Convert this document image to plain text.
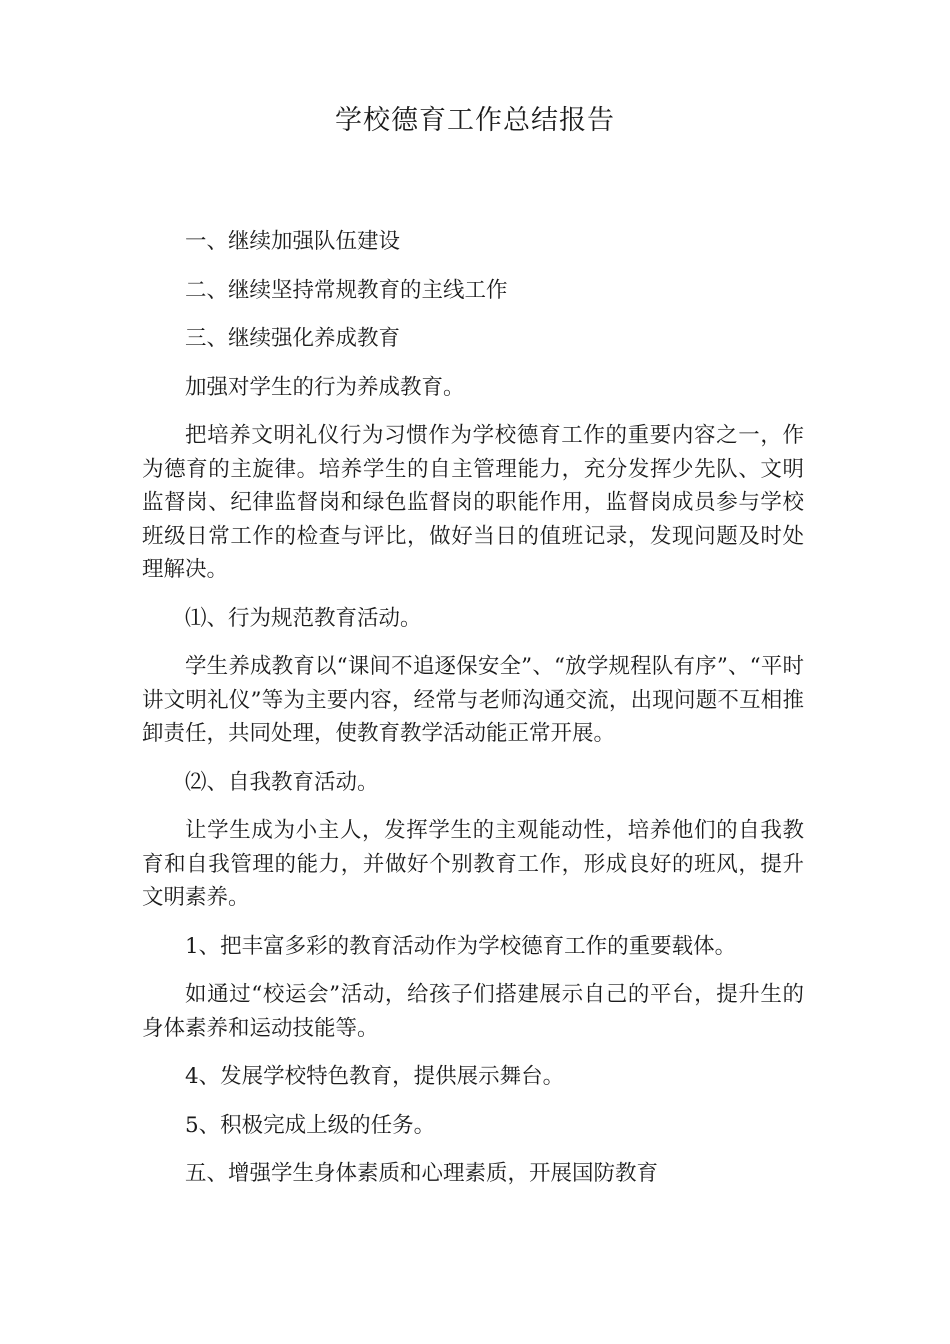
学校德育工作总结报告

一、继续加强队伍建设

二、继续坚持常规教育的主线工作

三、继续强化养成教育

加强对学生的行为养成教育。

把培养文明礼仪行为习惯作为学校德育工作的重要内容之一，作为德育的主旋律。培养学生的自主管理能力，充分发挥少先队、文明监督岗、纪律监督岗和绿色监督岗的职能作用，监督岗成员参与学校班级日常工作的检查与评比，做好当日的值班记录，发现问题及时处理解决。

⑴、行为规范教育活动。

学生养成教育以“课间不追逐保安全”、“放学规程队有序”、“平时讲文明礼仪”等为主要内容，经常与老师沟通交流，出现问题不互相推卸责任，共同处理，使教育教学活动能正常开展。

⑵、自我教育活动。

让学生成为小主人，发挥学生的主观能动性，培养他们的自我教育和自我管理的能力，并做好个别教育工作，形成良好的班风，提升文明素养。

1、把丰富多彩的教育活动作为学校德育工作的重要载体。

如通过“校运会”活动，给孩子们搭建展示自己的平台，提升生的身体素养和运动技能等。

4、发展学校特色教育，提供展示舞台。

5、积极完成上级的任务。

五、增强学生身体素质和心理素质，开展国防教育
